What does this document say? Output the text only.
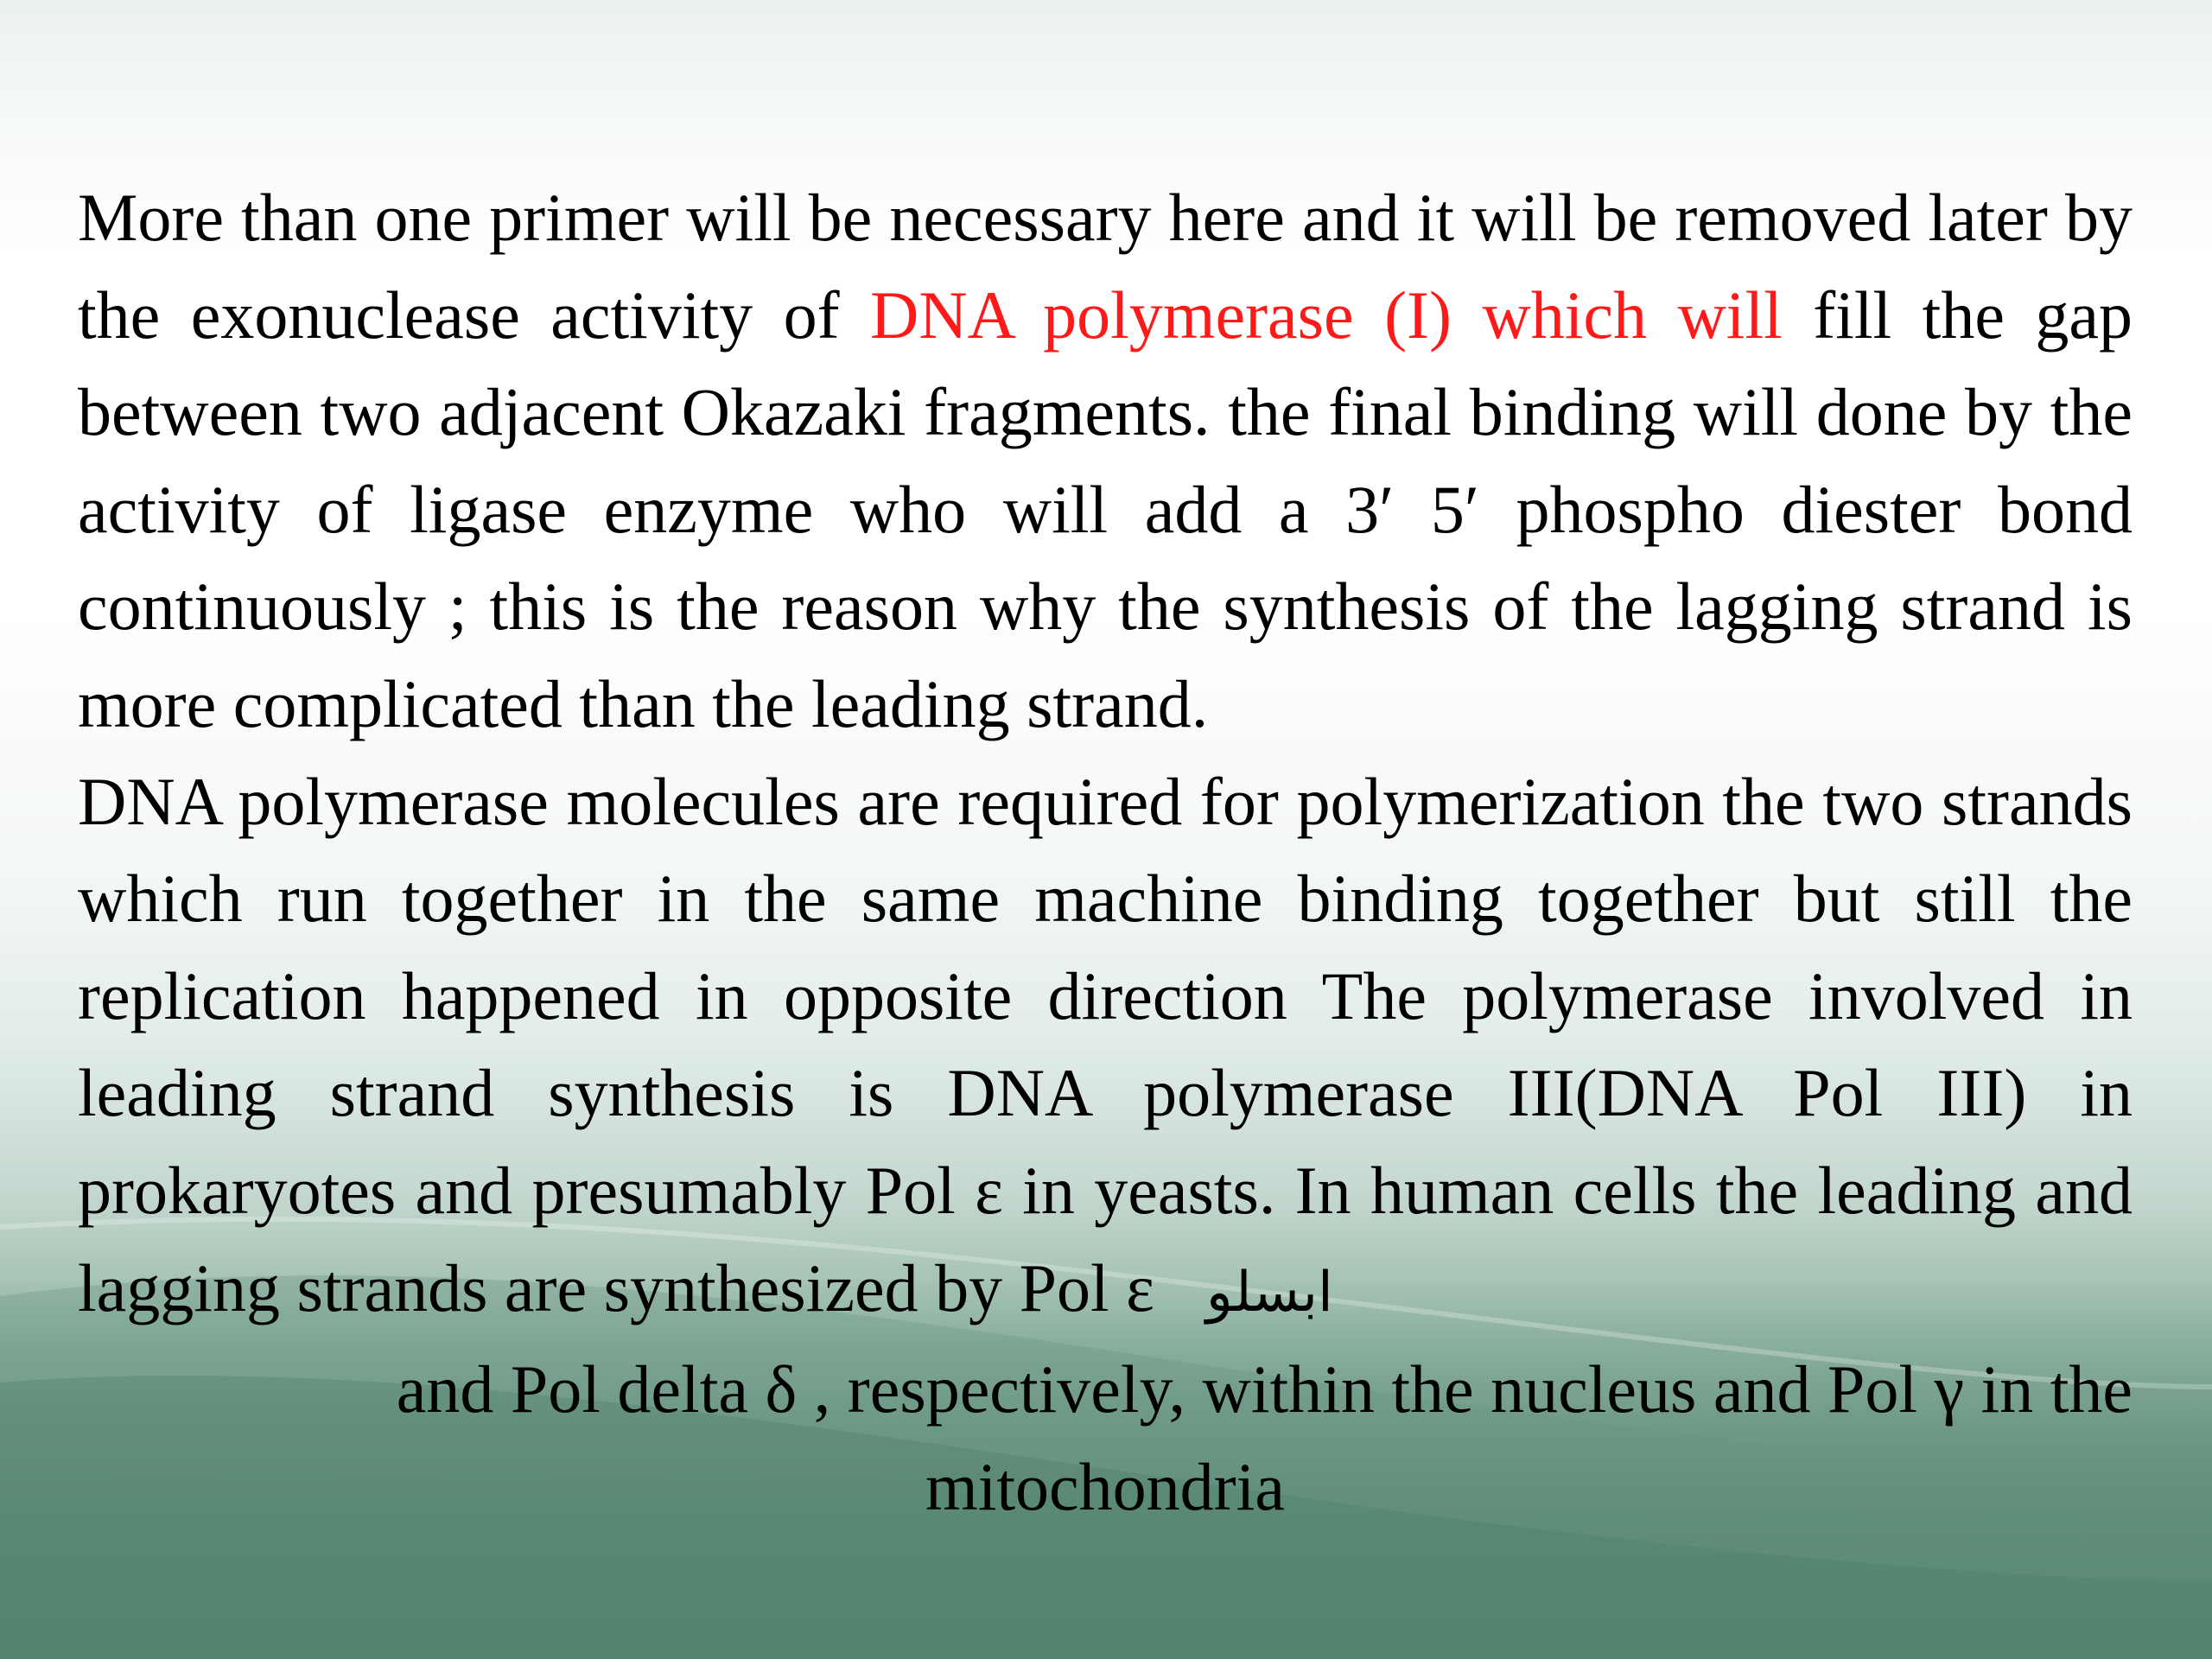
More than one primer will be necessary here and it will be removed later by the exonuclease activity of DNA polymerase (I) which will fill the gap between two adjacent Okazaki fragments. the final binding will done by the activity of ligase enzyme who will add a 3′ 5′ phospho diester bond continuously ; this is the reason why the synthesis of the lagging strand is more complicated than the leading strand.

DNA polymerase molecules are required for polymerization the two strands which run together in the same machine binding together but still the replication happened in opposite direction The polymerase involved in leading strand synthesis is DNA polymerase III(DNA Pol III) in prokaryotes and presumably Pol ε in yeasts. In human cells the leading and lagging strands are synthesized by Pol ε ابسلو

and Pol delta δ , respectively, within the nucleus and Pol γ in the

mitochondria
